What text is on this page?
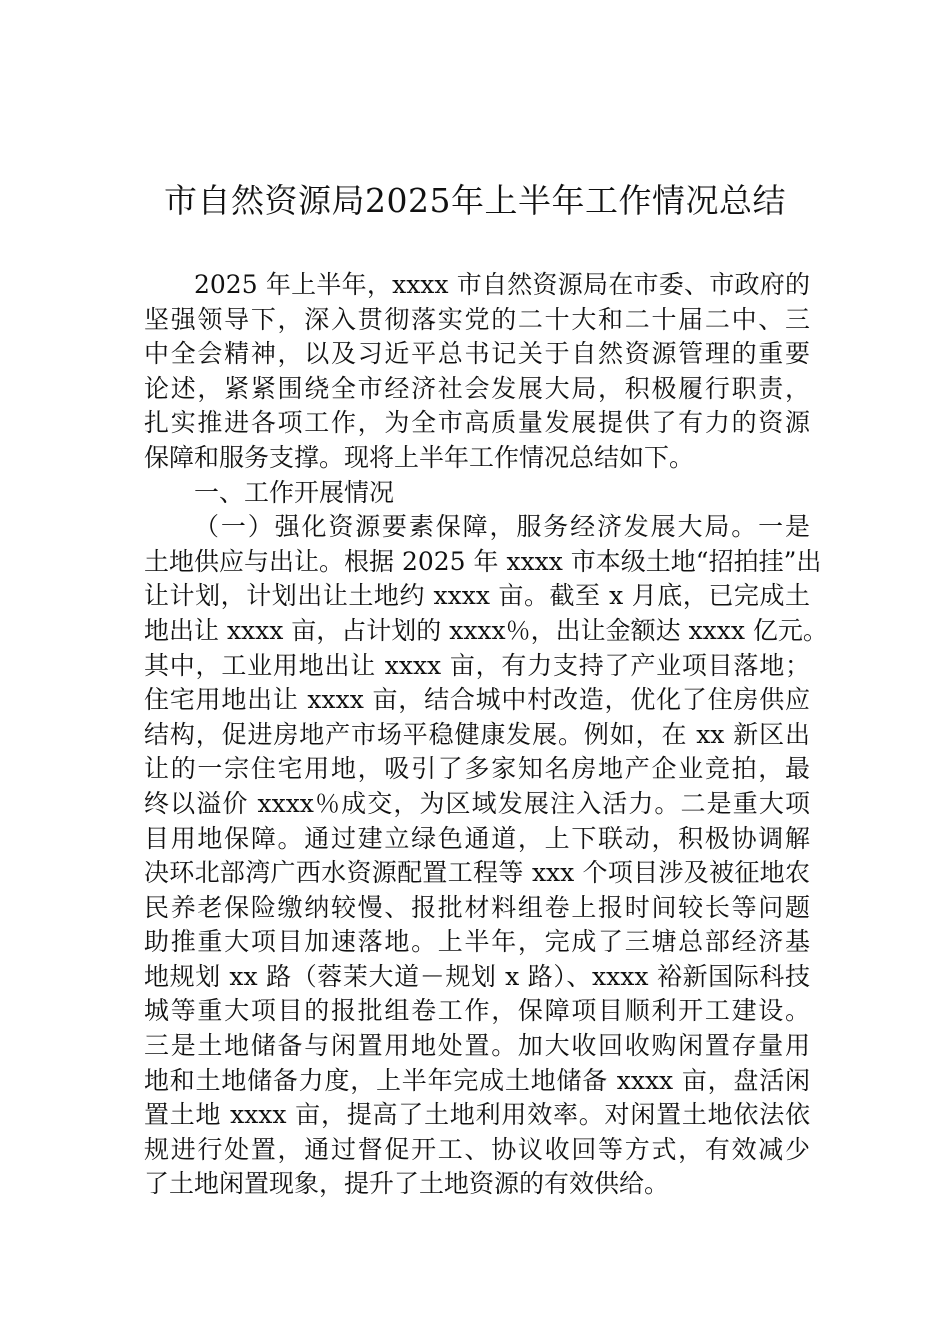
市自然资源局2025年上半年工作情况总结
2025 年上半年，xxxx 市自然资源局在市委、市政府的
坚强领导下，深入贯彻落实党的二十大和二十届二中、三
中全会精神，以及习近平总书记关于自然资源管理的重要
论述，紧紧围绕全市经济社会发展大局，积极履行职责，
扎实推进各项工作，为全市高质量发展提供了有力的资源
保障和服务支撑。现将上半年工作情况总结如下。
一、工作开展情况
（一）强化资源要素保障，服务经济发展大局。一是
土地供应与出让。根据 2025 年 xxxx 市本级土地“招拍挂”出
让计划，计划出让土地约 xxxx 亩。截至 x 月底，已完成土
地出让 xxxx 亩，占计划的 xxxx％，出让金额达 xxxx 亿元。
其中，工业用地出让 xxxx 亩，有力支持了产业项目落地；
住宅用地出让 xxxx 亩，结合城中村改造，优化了住房供应
结构，促进房地产市场平稳健康发展。例如，在 xx 新区出
让的一宗住宅用地，吸引了多家知名房地产企业竞拍，最
终以溢价 xxxx％成交，为区域发展注入活力。二是重大项
目用地保障。通过建立绿色通道，上下联动，积极协调解
决环北部湾广西水资源配置工程等 xxx 个项目涉及被征地农
民养老保险缴纳较慢、报批材料组卷上报时间较长等问题
助推重大项目加速落地。上半年，完成了三塘总部经济基
地规划 xx 路（蓉茉大道－规划 x 路）、xxxx 裕新国际科技
城等重大项目的报批组卷工作，保障项目顺利开工建设。
三是土地储备与闲置用地处置。加大收回收购闲置存量用
地和土地储备力度，上半年完成土地储备 xxxx 亩，盘活闲
置土地 xxxx 亩，提高了土地利用效率。对闲置土地依法依
规进行处置，通过督促开工、协议收回等方式，有效减少
了土地闲置现象，提升了土地资源的有效供给。
